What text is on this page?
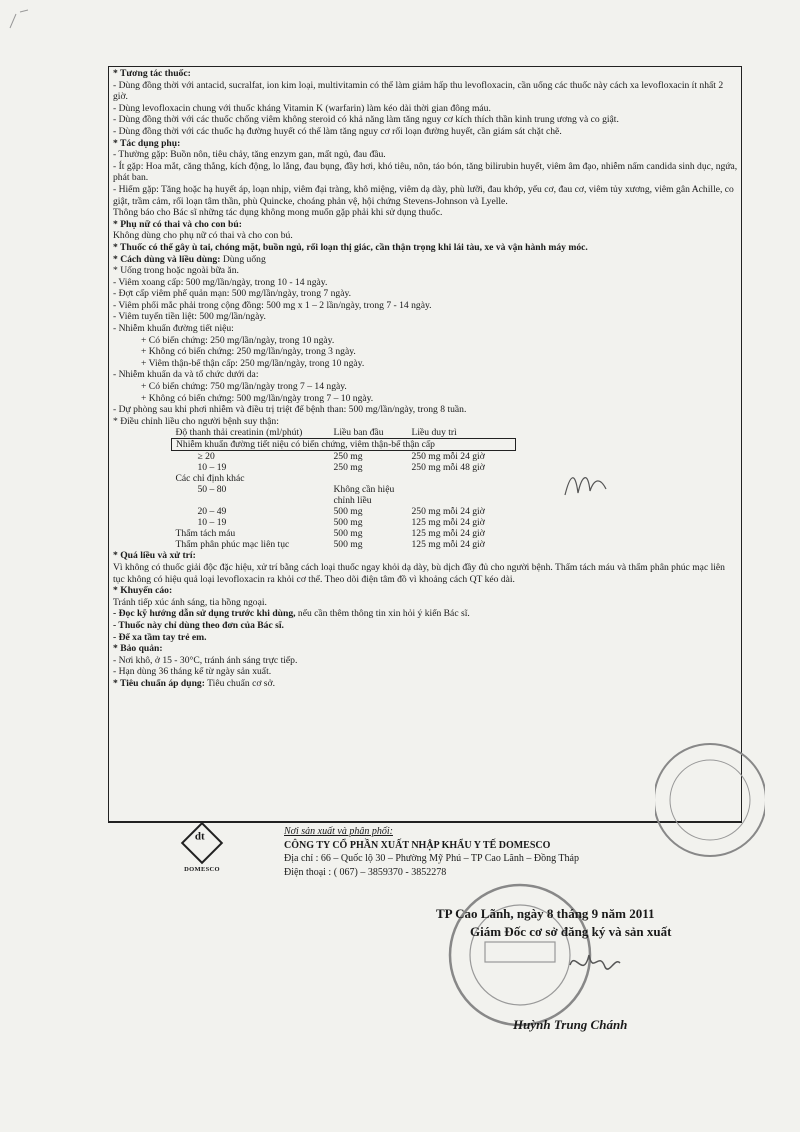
* Tương tác thuốc:

- Dùng đồng thời với antacid, sucralfat, ion kim loại, multivitamin có thể làm giảm hấp thu levofloxacin, cần uống các thuốc này cách xa levofloxacin ít nhất 2 giờ.

- Dùng levofloxacin chung với thuốc kháng Vitamin K (warfarin) làm kéo dài thời gian đông máu.

- Dùng đồng thời với các thuốc chống viêm không steroid có khả năng làm tăng nguy cơ kích thích thần kinh trung ương và co giật.

- Dùng đồng thời với các thuốc hạ đường huyết có thể làm tăng nguy cơ rối loạn đường huyết, cần giám sát chặt chẽ.

* Tác dụng phụ:

- Thường gặp: Buồn nôn, tiêu chảy, tăng enzym gan, mất ngủ, đau đầu.

- Ít gặp: Hoa mắt, căng thẳng, kích động, lo lắng, đau bụng, đầy hơi, khó tiêu, nôn, táo bón, tăng bilirubin huyết, viêm âm đạo, nhiễm nấm candida sinh dục, ngứa, phát ban.

- Hiếm gặp: Tăng hoặc hạ huyết áp, loạn nhịp, viêm đại tràng, khô miệng, viêm dạ dày, phù lưỡi, đau khớp, yếu cơ, đau cơ, viêm tủy xương, viêm gân Achille, co giật, trầm cảm, rối loạn tâm thần, phù Quincke, choáng phản vệ, hội chứng Stevens-Johnson và Lyelle.

Thông báo cho Bác sĩ những tác dụng không mong muốn gặp phải khi sử dụng thuốc.

* Phụ nữ có thai và cho con bú:

Không dùng cho phụ nữ có thai và cho con bú.

* Thuốc có thể gây ù tai, chóng mặt, buồn ngủ, rối loạn thị giác, cần thận trọng khi lái tàu, xe và vận hành máy móc.

* Cách dùng và liều dùng: Dùng uống

* Uống trong hoặc ngoài bữa ăn.

- Viêm xoang cấp: 500 mg/lần/ngày, trong 10 - 14 ngày.

- Đợt cấp viêm phế quản mạn: 500 mg/lần/ngày, trong 7 ngày.

- Viêm phổi mắc phải trong cộng đồng: 500 mg x 1 – 2 lần/ngày, trong 7 - 14 ngày.

- Viêm tuyến tiền liệt: 500 mg/lần/ngày.

- Nhiễm khuẩn đường tiết niệu:

+ Có biến chứng: 250 mg/lần/ngày, trong 10 ngày.

+ Không có biến chứng: 250 mg/lần/ngày, trong 3 ngày.

+ Viêm thận-bể thận cấp: 250 mg/lần/ngày, trong 10 ngày.

- Nhiễm khuẩn da và tổ chức dưới da:

+ Có biến chứng: 750 mg/lần/ngày trong 7 – 14 ngày.

+ Không có biến chứng: 500 mg/lần/ngày trong 7 – 10 ngày.

- Dự phòng sau khi phơi nhiễm và điều trị triệt để bệnh than: 500 mg/lần/ngày, trong 8 tuần.

* Điều chỉnh liều cho người bệnh suy thận:

Độ thanh thải creatinin (ml/phút)	Liều ban đầu	Liều duy trì
Nhiễm khuẩn đường tiết niệu có biến chứng, viêm thận-bể thận cấp		
≥ 20	250 mg	250 mg mỗi 24 giờ
10 – 19	250 mg	250 mg mỗi 48 giờ
Các chỉ định khác		
50 – 80	Không cần hiệu chỉnh liều	
20 – 49	500 mg	250 mg mỗi 24 giờ
10 – 19	500 mg	125 mg mỗi 24 giờ
Thẩm tách máu	500 mg	125 mg mỗi 24 giờ
Thẩm phân phúc mạc liên tục	500 mg	125 mg mỗi 24 giờ

* Quá liều và xử trí:

Vì không có thuốc giải độc đặc hiệu, xử trí bằng cách loại thuốc ngay khỏi dạ dày, bù dịch đầy đủ cho người bệnh. Thẩm tách máu và thẩm phân phúc mạc liên tục không có hiệu quả loại levofloxacin ra khỏi cơ thể. Theo dõi điện tâm đồ vì khoảng cách QT kéo dài.

* Khuyến cáo:

Tránh tiếp xúc ánh sáng, tia hồng ngoại.

- Đọc kỹ hướng dẫn sử dụng trước khi dùng, nếu cần thêm thông tin xin hỏi ý kiến Bác sĩ.

- Thuốc này chỉ dùng theo đơn của Bác sĩ.

- Để xa tầm tay trẻ em.

* Bảo quản:

- Nơi khô, ở 15 - 30°C, tránh ánh sáng trực tiếp.

- Hạn dùng 36 tháng kể từ ngày sản xuất.

* Tiêu chuẩn áp dụng: Tiêu chuẩn cơ sở.

dt
DOMESCO
Nơi sản xuất và phân phối:
CÔNG TY CỔ PHẦN XUẤT NHẬP KHẨU Y TẾ DOMESCO
Địa chỉ : 66 – Quốc lộ 30 – Phường Mỹ Phú – TP Cao Lãnh – Đồng Tháp
Điện thoại : ( 067) – 3859370 - 3852278
TP Cao Lãnh, ngày 8 tháng 9 năm 2011
Giám Đốc cơ sở đăng ký và sản xuất
Huỳnh Trung Chánh
